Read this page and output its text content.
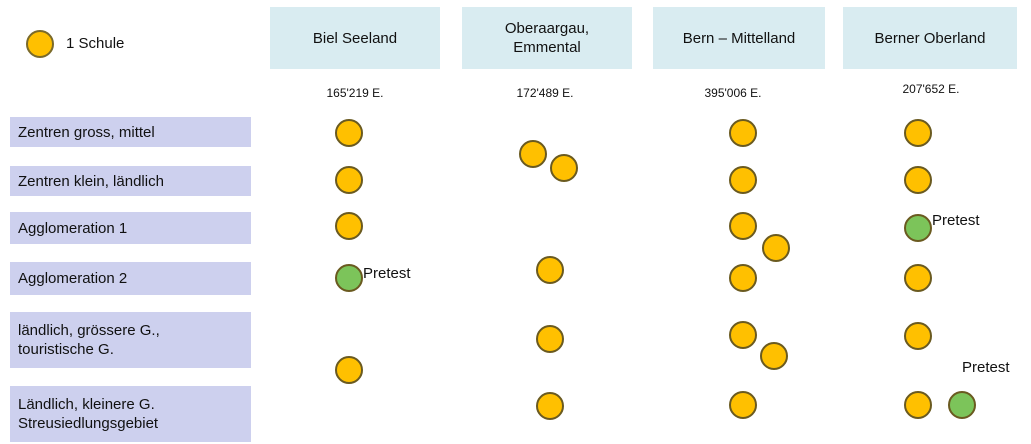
1 Schule	Biel Seeland
Oberaargau,
Emmental
Bern – Mittelland	Berner Oberland
165'219 E.	172'489 E.	395'006 E.	207'652 E.
Zentren gross, mittel
Zentren klein, ländlich
Agglomeration 1
Agglomeration 2
ländlich, grössere G.,
touristische G.
Ländlich, kleinere G.
Streusiedlungsgebiet
Pretest
Pretest
Pretest
